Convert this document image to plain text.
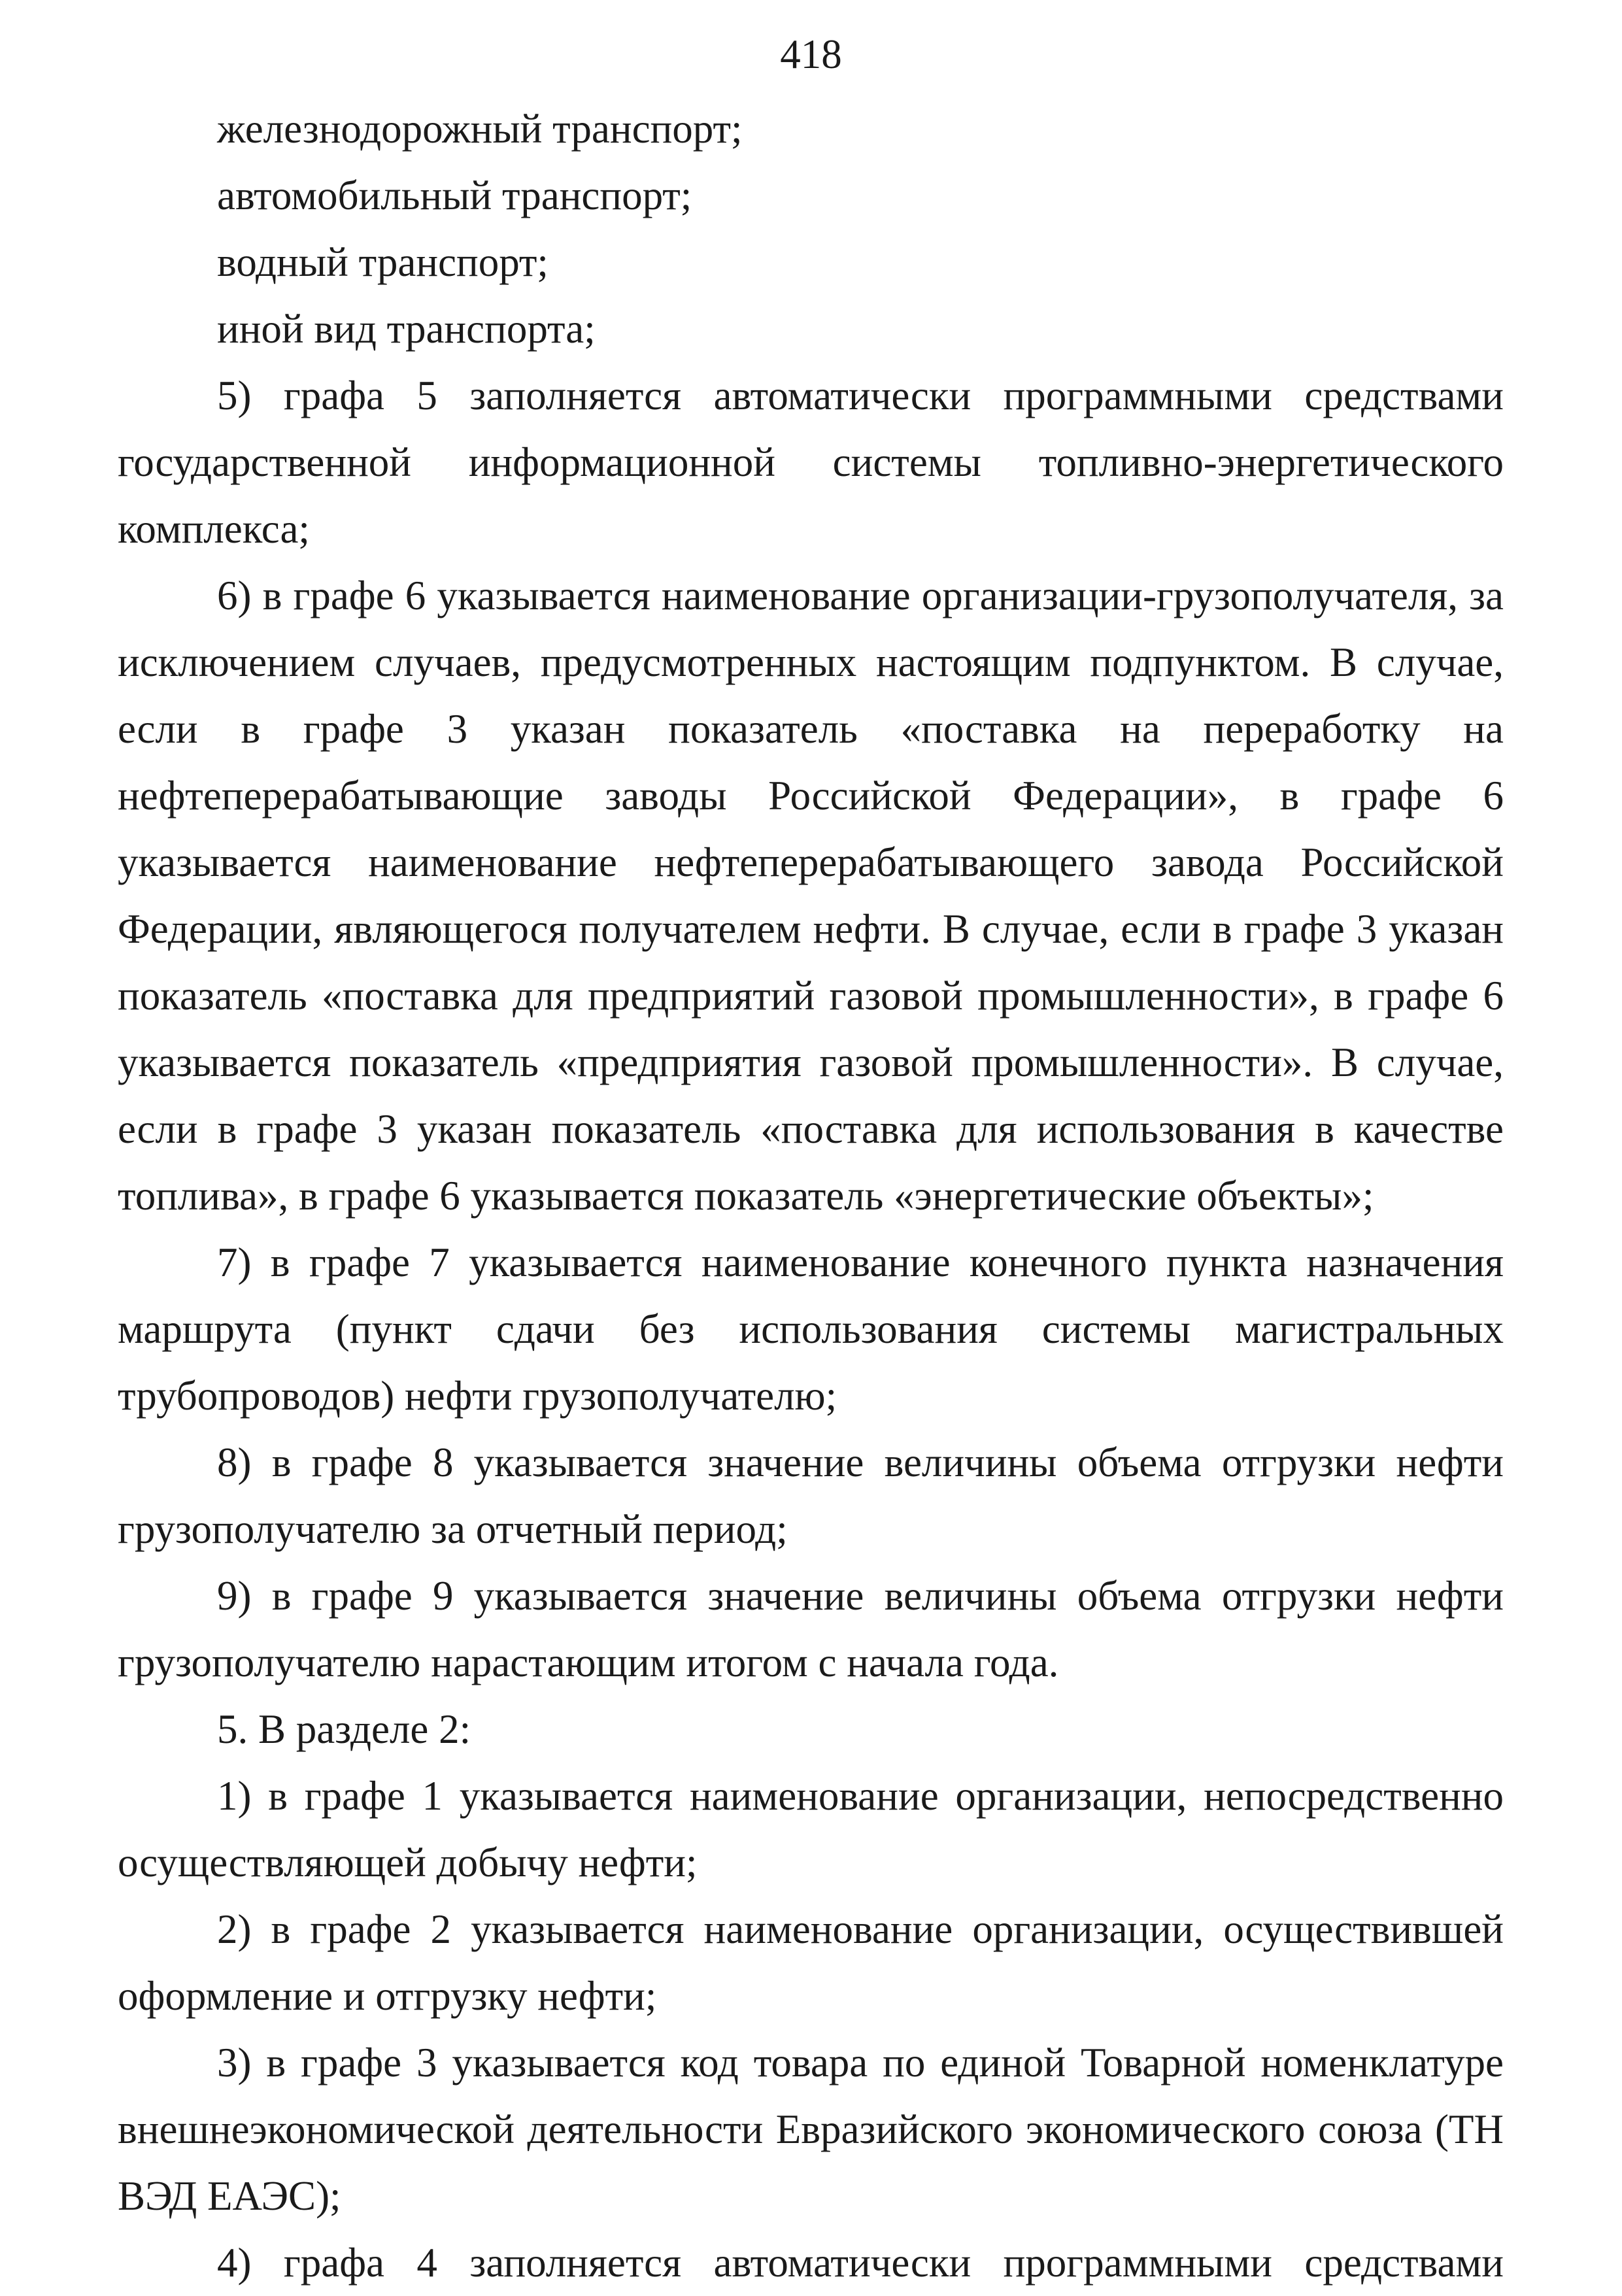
418

железнодорожный транспорт;

автомобильный транспорт;

водный транспорт;

иной вид транспорта;

5) графа 5 заполняется автоматически программными средствами государственной информационной системы топливно-энергетического комплекса;

6) в графе 6 указывается наименование организации-грузополучателя, за исключением случаев, предусмотренных настоящим подпунктом. В случае, если в графе 3 указан показатель «поставка на переработку на нефтеперерабатывающие заводы Российской Федерации», в графе 6 указывается наименование нефтеперерабатывающего завода Российской Федерации, являющегося получателем нефти. В случае, если в графе 3 указан показатель «поставка для предприятий газовой промышленности», в графе 6 указывается показатель «предприятия газовой промышленности». В случае, если в графе 3 указан показатель «поставка для использования в качестве топлива», в графе 6 указывается показатель «энергетические объекты»;

7) в графе 7 указывается наименование конечного пункта назначения маршрута (пункт сдачи без использования системы магистральных трубопроводов) нефти грузополучателю;

8) в графе 8 указывается значение величины объема отгрузки нефти грузополучателю за отчетный период;

9) в графе 9 указывается значение величины объема отгрузки нефти грузополучателю нарастающим итогом с начала года.

5. В разделе 2:

1) в графе 1 указывается наименование организации, непосредственно осуществляющей добычу нефти;

2) в графе 2 указывается наименование организации, осуществившей оформление и отгрузку нефти;

3) в графе 3 указывается код товара по единой Товарной номенклатуре внешнеэкономической деятельности Евразийского экономического союза (ТН ВЭД ЕАЭС);

4) графа 4 заполняется автоматически программными средствами
